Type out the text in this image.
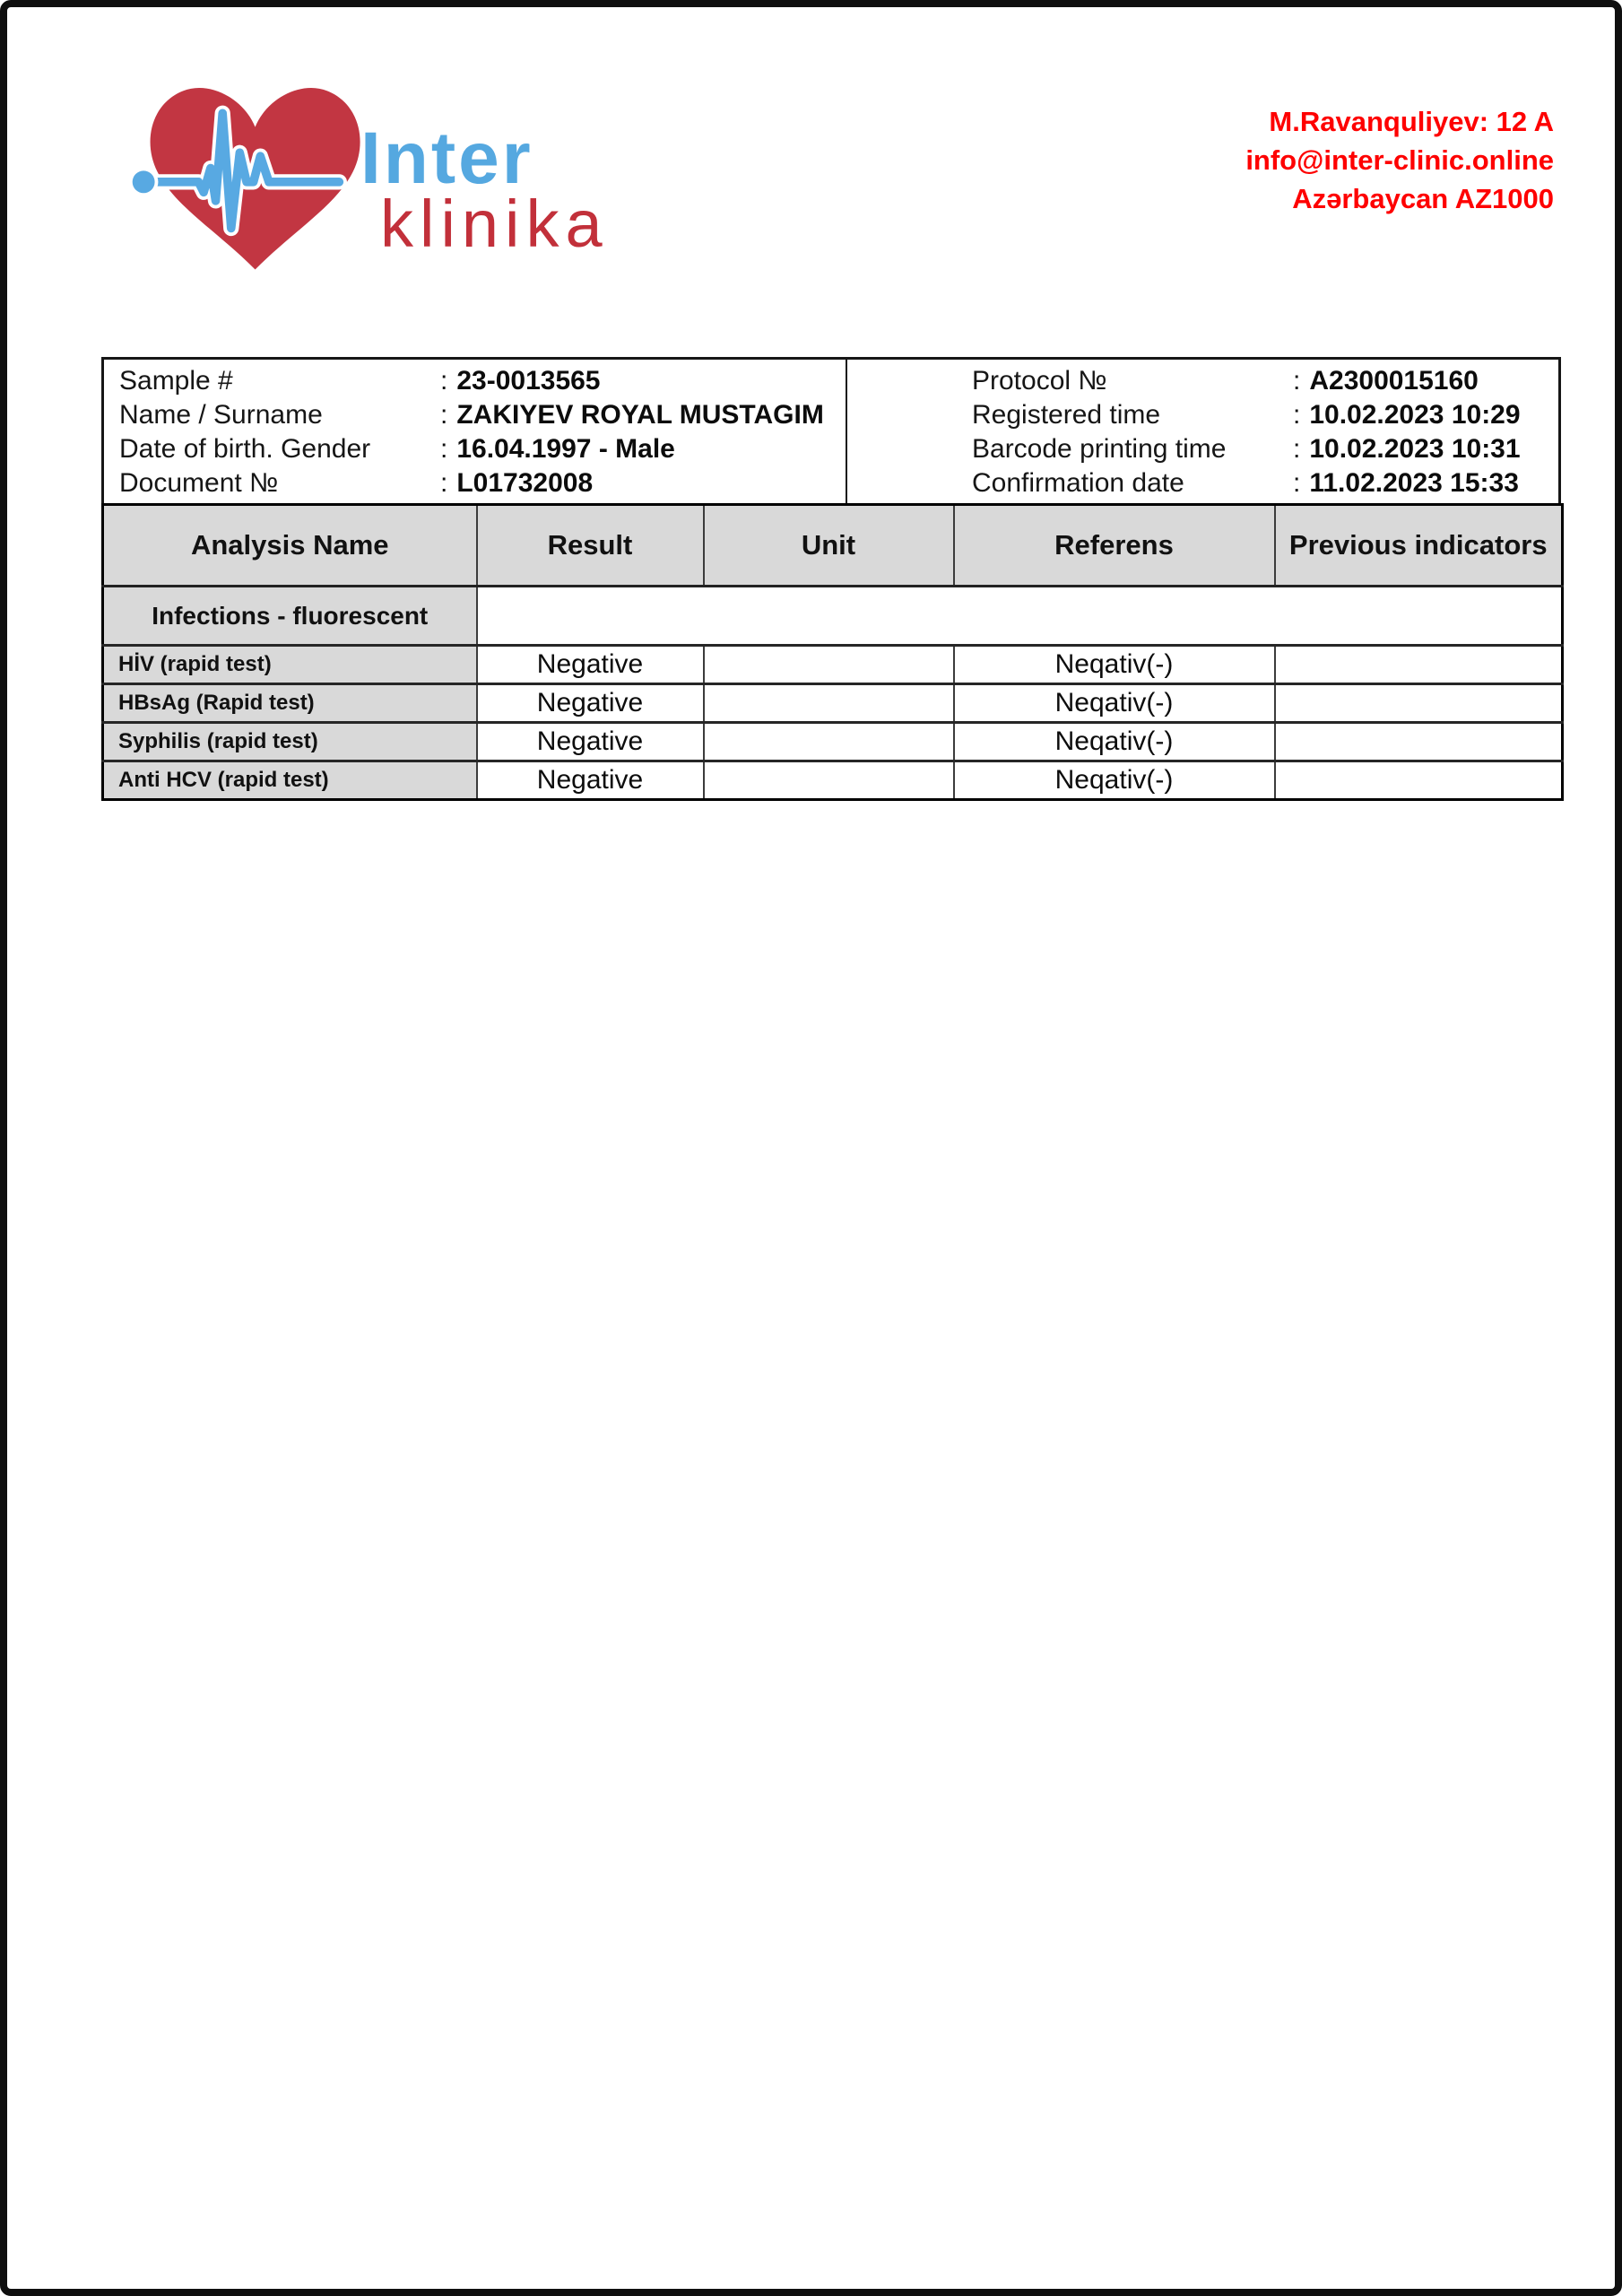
Inter
klinika
M.Ravanquliyev: 12 A
info@inter-clinic.online
Azərbaycan AZ1000
Sample #	: 23-0013565
Name / Surname	: ZAKIYEV ROYAL MUSTAGIM
Date of birth. Gender	: 16.04.1997 - Male
Document №	: L01732008
Protocol №	: A2300015160
Registered time	: 10.02.2023 10:29
Barcode printing time	: 10.02.2023 10:31
Confirmation date	: 11.02.2023 15:33
Analysis Name	Result	Unit	Referens	Previous indicators
Infections - fluorescent				
HİV (rapid test)	Negative		Neqativ(-)	
HBsAg (Rapid test)	Negative		Neqativ(-)	
Syphilis (rapid test)	Negative		Neqativ(-)	
Anti HCV (rapid test)	Negative		Neqativ(-)	
